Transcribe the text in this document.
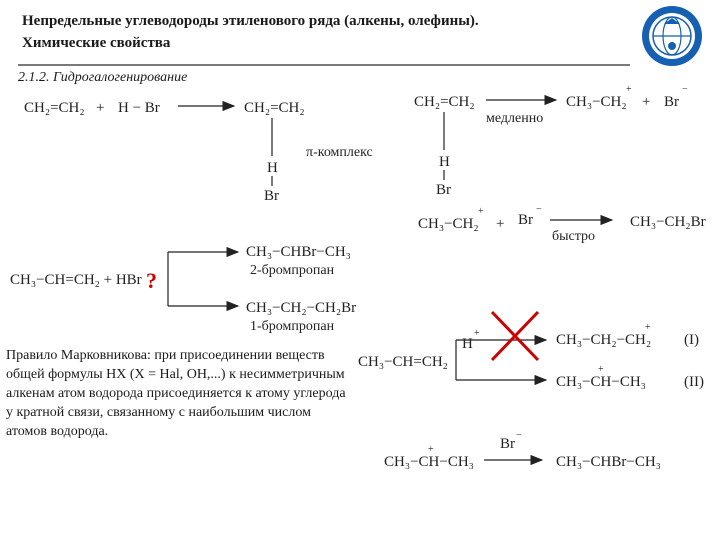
Непредельные углеводороды этиленового ряда (алкены, олефины).
Химические свойства
2.1.2. Гидрогалогенирование
CH₂=CH₂ + H − Br	CH₂=CH₂
H
Br
π-комплекс
CH₂=CH₂
H
Br
медленно
CH₃−CH₂
+
+ Br
−
CH₃−CH₂
+
+ Br
−
быстро
CH₃−CH₂Br
CH₃−CH=CH₂ + HBr ?
CH₃−CHBr−CH₃
2-бромпропан
CH₃−CH₂−CH₂Br
1-бромпропан
CH₃−CH=CH₂
H
+	CH₃−CH₂−CH₂
+
(I)
CH₃−CH−CH₃
+
(II)
CH₃−CH−CH₃
+	Br
−
CH₃−CHBr−CH₃
Правило Марковникова: при присоединении веществ общей формулы HX (X = Hal, OH,...) к несимметричным алкенам атом водорода присоединяется к атому углерода у кратной связи, связанному с наибольшим числом атомов водорода.
